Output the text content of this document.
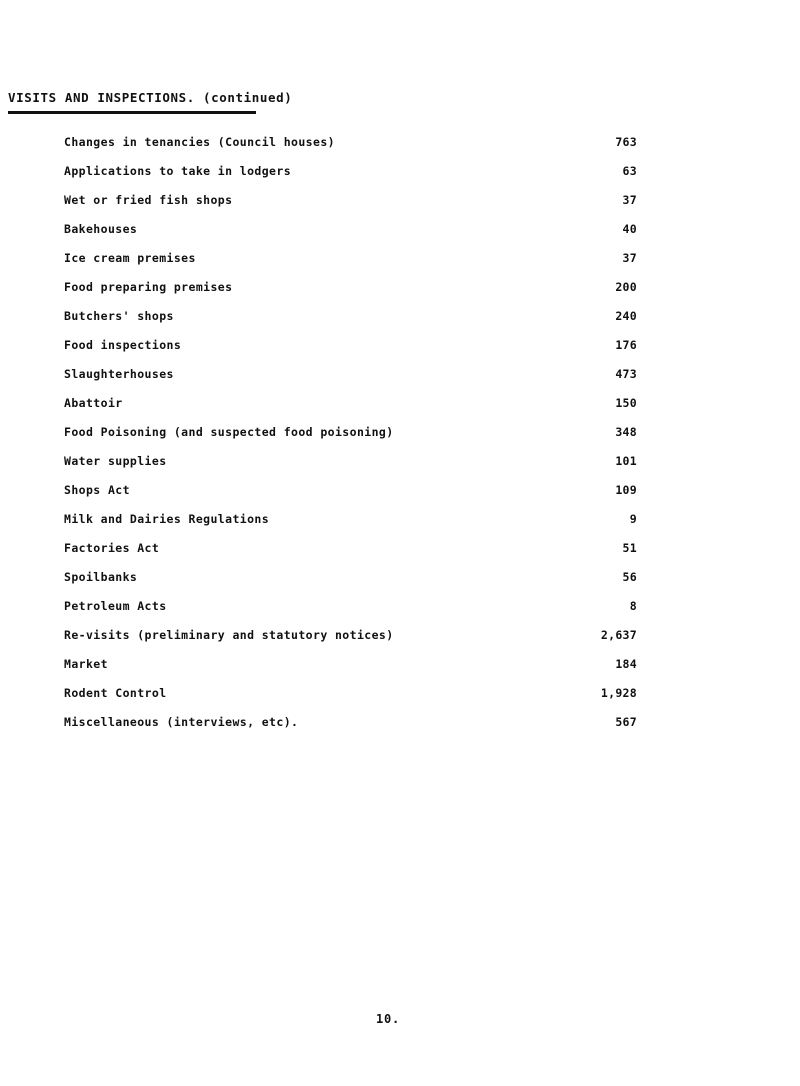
VISITS AND INSPECTIONS. (continued)
Changes in tenancies (Council houses)	763
Applications to take in lodgers	63
Wet or fried fish shops	37
Bakehouses	40
Ice cream premises	37
Food preparing premises	200
Butchers' shops	240
Food inspections	176
Slaughterhouses	473
Abattoir	150
Food Poisoning (and suspected food poisoning)	348
Water supplies	101
Shops Act	109
Milk and Dairies Regulations	9
Factories Act	51
Spoilbanks	56
Petroleum Acts	8
Re-visits (preliminary and statutory notices)	2,637
Market	184
Rodent Control	1,928
Miscellaneous (interviews, etc).	567
10.
